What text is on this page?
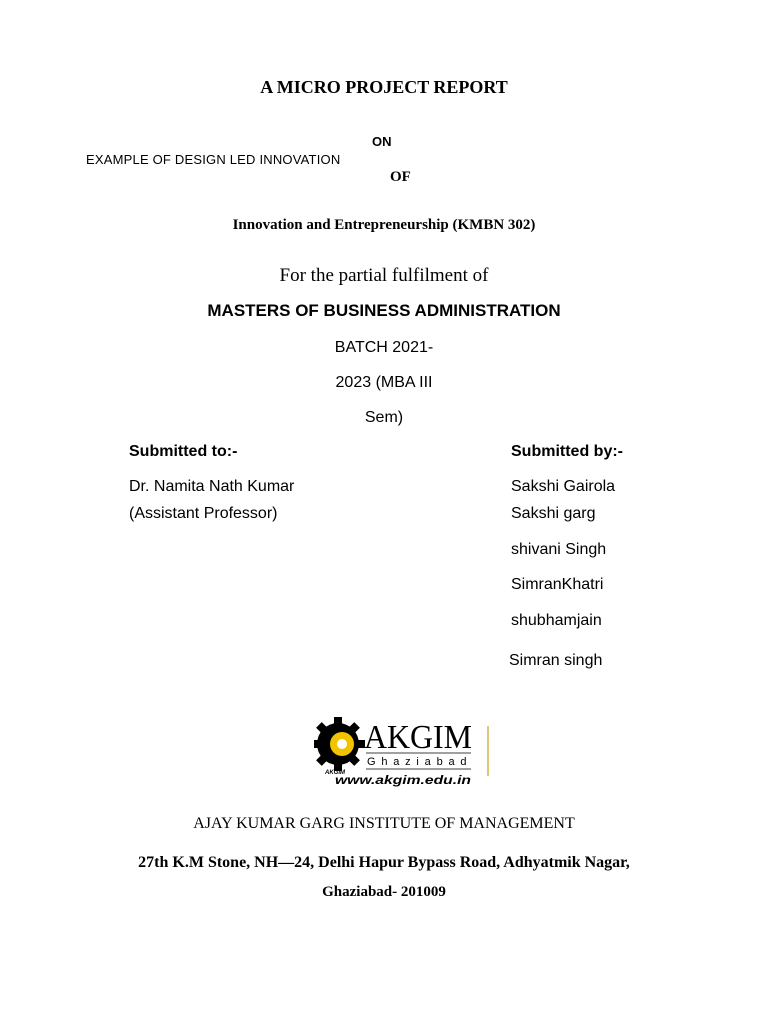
A MICRO PROJECT REPORT
ON
EXAMPLE OF DESIGN LED INNOVATION
OF
Innovation and Entrepreneurship (KMBN 302)
For the partial fulfilment of
MASTERS OF BUSINESS ADMINISTRATION
BATCH 2021-
2023 (MBA III
Sem)
Submitted to:-	Submitted by:-
Dr. Namita Nath Kumar
(Assistant Professor)
Sakshi Gairola
Sakshi garg
shivani Singh
SimranKhatri
shubhamjain
Simran singh
AKGIM
AKGIM
Ghaziabad
www.akgim.edu.in
AJAY KUMAR GARG INSTITUTE OF MANAGEMENT
27th K.M Stone, NH—24, Delhi Hapur Bypass Road, Adhyatmik Nagar,
Ghaziabad- 201009
